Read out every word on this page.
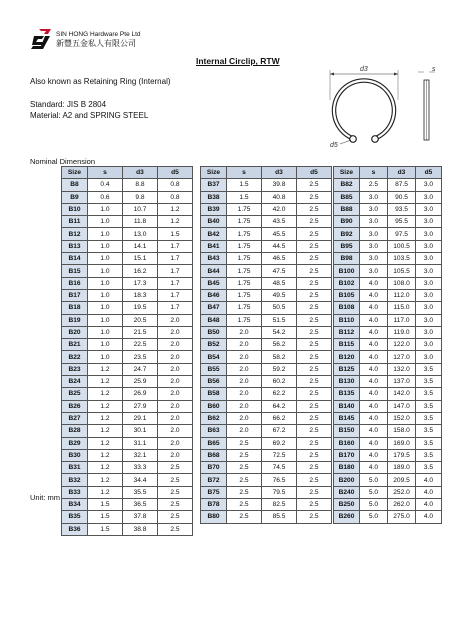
SIN HONG Hardware Pte Ltd
新豐五金私人有限公司
Internal Circlip, RTW
Also known as Retaining Ring (Internal)
Standard: JIS B 2804
Material: A2 and SPRING STEEL
d3
d5
s
Nominal Dimension
Size	s	d3	d5
B8	0.4	8.8	0.8
B9	0.6	9.8	0.8
B10	1.0	10.7	1.2
B11	1.0	11.8	1.2
B12	1.0	13.0	1.5
B13	1.0	14.1	1.7
B14	1.0	15.1	1.7
B15	1.0	16.2	1.7
B16	1.0	17.3	1.7
B17	1.0	18.3	1.7
B18	1.0	19.5	1.7
B19	1.0	20.5	2.0
B20	1.0	21.5	2.0
B21	1.0	22.5	2.0
B22	1.0	23.5	2.0
B23	1.2	24.7	2.0
B24	1.2	25.9	2.0
B25	1.2	26.9	2.0
B26	1.2	27.9	2.0
B27	1.2	29.1	2.0
B28	1.2	30.1	2.0
B29	1.2	31.1	2.0
B30	1.2	32.1	2.0
B31	1.2	33.3	2.5
B32	1.2	34.4	2.5
B33	1.2	35.5	2.5
B34	1.5	36.5	2.5
B35	1.5	37.8	2.5
B36	1.5	38.8	2.5
Size	s	d3	d5
B37	1.5	39.8	2.5
B38	1.5	40.8	2.5
B39	1.75	42.0	2.5
B40	1.75	43.5	2.5
B42	1.75	45.5	2.5
B41	1.75	44.5	2.5
B43	1.75	46.5	2.5
B44	1.75	47.5	2.5
B45	1.75	48.5	2.5
B46	1.75	49.5	2.5
B47	1.75	50.5	2.5
B48	1.75	51.5	2.5
B50	2.0	54.2	2.5
B52	2.0	56.2	2.5
B54	2.0	58.2	2.5
B55	2.0	59.2	2.5
B56	2.0	60.2	2.5
B58	2.0	62.2	2.5
B60	2.0	64.2	2.5
B62	2.0	66.2	2.5
B63	2.0	67.2	2.5
B65	2.5	69.2	2.5
B68	2.5	72.5	2.5
B70	2.5	74.5	2.5
B72	2.5	76.5	2.5
B75	2.5	79.5	2.5
B78	2.5	82.5	2.5
B80	2.5	85.5	2.5
Size	s	d3	d5
B82	2.5	87.5	3.0
B85	3.0	90.5	3.0
B88	3.0	93.5	3.0
B90	3.0	95.5	3.0
B92	3.0	97.5	3.0
B95	3.0	100.5	3.0
B98	3.0	103.5	3.0
B100	3.0	105.5	3.0
B102	4.0	108.0	3.0
B105	4.0	112.0	3.0
B108	4.0	115.0	3.0
B110	4.0	117.0	3.0
B112	4.0	119.0	3.0
B115	4.0	122.0	3.0
B120	4.0	127.0	3.0
B125	4.0	132.0	3.5
B130	4.0	137.0	3.5
B135	4.0	142.0	3.5
B140	4.0	147.0	3.5
B145	4.0	152.0	3.5
B150	4.0	158.0	3.5
B160	4.0	169.0	3.5
B170	4.0	179.5	3.5
B180	4.0	189.0	3.5
B200	5.0	209.5	4.0
B240	5.0	252.0	4.0
B250	5.0	262.0	4.0
B260	5.0	275.0	4.0
Unit: mm
